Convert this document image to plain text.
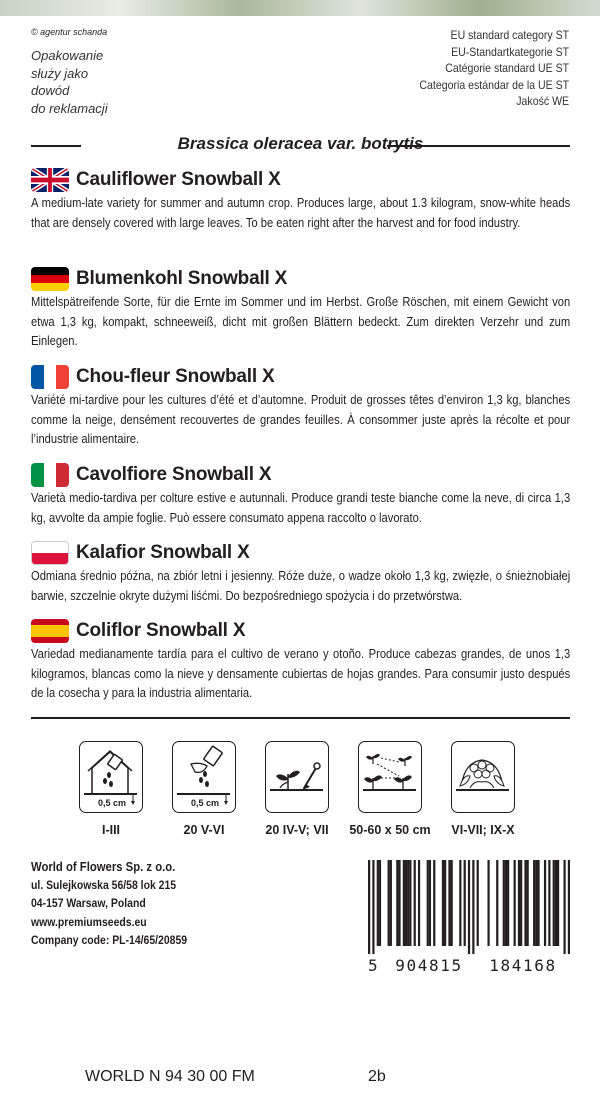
© agentur schanda
Opakowanie
służy jako
dowód
do reklamacji
EU standard category ST
EU-Standartkategorie ST
Catégorie standard UE ST
Categoria estándar de la UE ST
Jakość WE
Brassica oleracea var. botrytis
Cauliflower Snowball X
A medium-late variety for summer and autumn crop. Produces large, about 1.3 kilogram, snow-white heads that are densely covered with large leaves. To be eaten right after the harvest and for food industry.
Blumenkohl Snowball X
Mittelspätreifende Sorte, für die Ernte im Sommer und im Herbst. Große Röschen, mit einem Gewicht von etwa 1,3 kg, kompakt, schneeweiß, dicht mit großen Blättern bedeckt. Zum direkten Verzehr und zum Einlegen.
Chou-fleur Snowball X
Variété mi-tardive pour les cultures d’été et d’automne. Produit de grosses têtes d’environ 1,3 kg, blanches comme la neige, densément recouvertes de grandes feuilles. À consommer juste après la récolte et pour l’industrie alimentaire.
Cavolfiore Snowball X
Varietà medio-tardiva per colture estive e autunnali. Produce grandi teste bianche come la neve, di circa 1,3 kg, avvolte da ampie foglie. Può essere consumato appena raccolto o lavorato.
Kalafior Snowball X
Odmiana średnio późna, na zbiór letni i jesienny. Róże duże, o wadze około 1,3 kg, zwięzłe, o śnieżnobiałej barwie, szczelnie okryte dużymi liśćmi. Do bezpośredniego spożycia i do przetwórstwa.
Coliflor Snowball X
Variedad medianamente tardía para el cultivo de verano y otoño. Produce cabezas grandes, de unos 1,3 kilogramos, blancas como la nieve y densamente cubiertas de hojas grandes. Para consumir justo después de la cosecha y para la industria alimentaria.
0,5 cm
I-III
0,5 cm
20 V-VI	20 IV-V; VII	50-60 x 50 cm	VI-VII; IX-X
World of Flowers Sp. z o.o.
ul. Sulejkowska 56/58 lok 215
04-157 Warsaw, Poland
www.premiumseeds.eu
Company code: PL-14/65/20859
5	904815	184168
WORLD N 94 30 00 FM	2b
